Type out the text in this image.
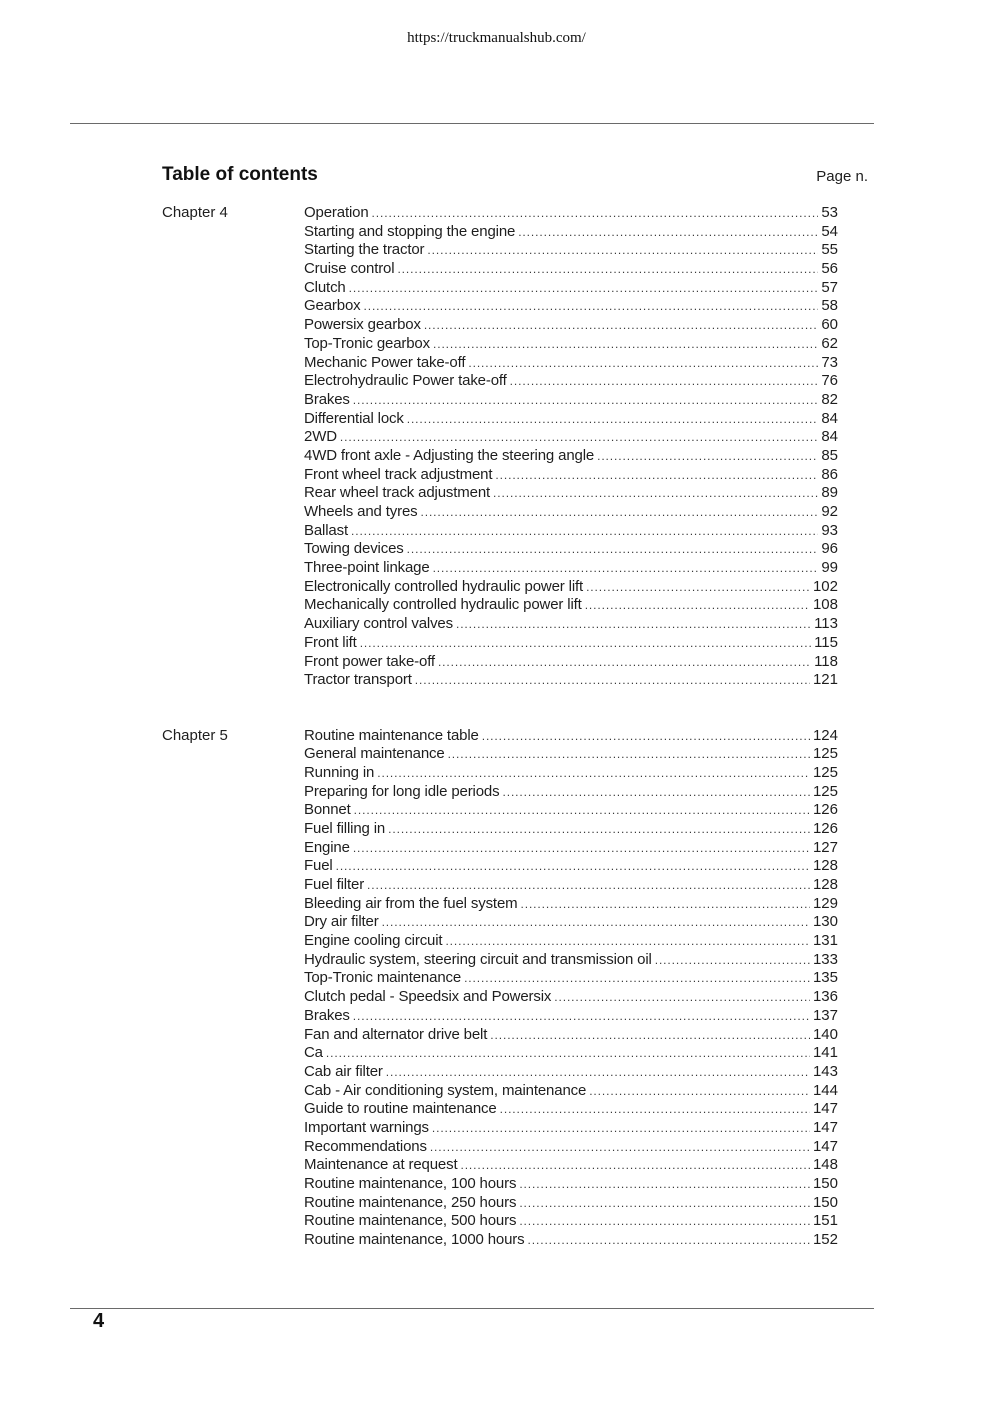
https://truckmanualshub.com/
Table of contents	Page n.
Chapter 4	Operation .....	53
Starting and stopping the engine .....	54
Starting the tractor .....	55
Cruise control .....	56
Clutch .....	57
Gearbox .....	58
Powersix gearbox .....	60
Top-Tronic gearbox .....	62
Mechanic Power take-off .....	73
Electrohydraulic Power take-off .....	76
Brakes .....	82
Differential lock .....	84
2WD .....	84
4WD front axle - Adjusting the steering angle .....	85
Front wheel track adjustment .....	86
Rear wheel track adjustment .....	89
Wheels and tyres .....	92
Ballast .....	93
Towing devices .....	96
Three-point linkage .....	99
Electronically controlled hydraulic power lift .....	102
Mechanically controlled hydraulic power lift .....	108
Auxiliary control valves .....	113
Front lift .....	115
Front power take-off .....	118
Tractor transport .....	121
Chapter 5	Routine maintenance table .....	124
General maintenance .....	125
Running in .....	125
Preparing for long idle periods .....	125
Bonnet .....	126
Fuel filling in .....	126
Engine .....	127
Fuel .....	128
Fuel filter .....	128
Bleeding air from the fuel system .....	129
Dry air filter .....	130
Engine cooling circuit .....	131
Hydraulic system, steering circuit and transmission oil .....	133
Top-Tronic maintenance .....	135
Clutch pedal - Speedsix and Powersix .....	136
Brakes .....	137
Fan and alternator drive belt .....	140
Ca .....	141
Cab air filter .....	143
Cab - Air conditioning system, maintenance .....	144
Guide to routine maintenance .....	147
Important warnings .....	147
Recommendations .....	147
Maintenance at request .....	148
Routine maintenance, 100 hours .....	150
Routine maintenance, 250 hours .....	150
Routine maintenance, 500 hours .....	151
Routine maintenance, 1000 hours .....	152
4
